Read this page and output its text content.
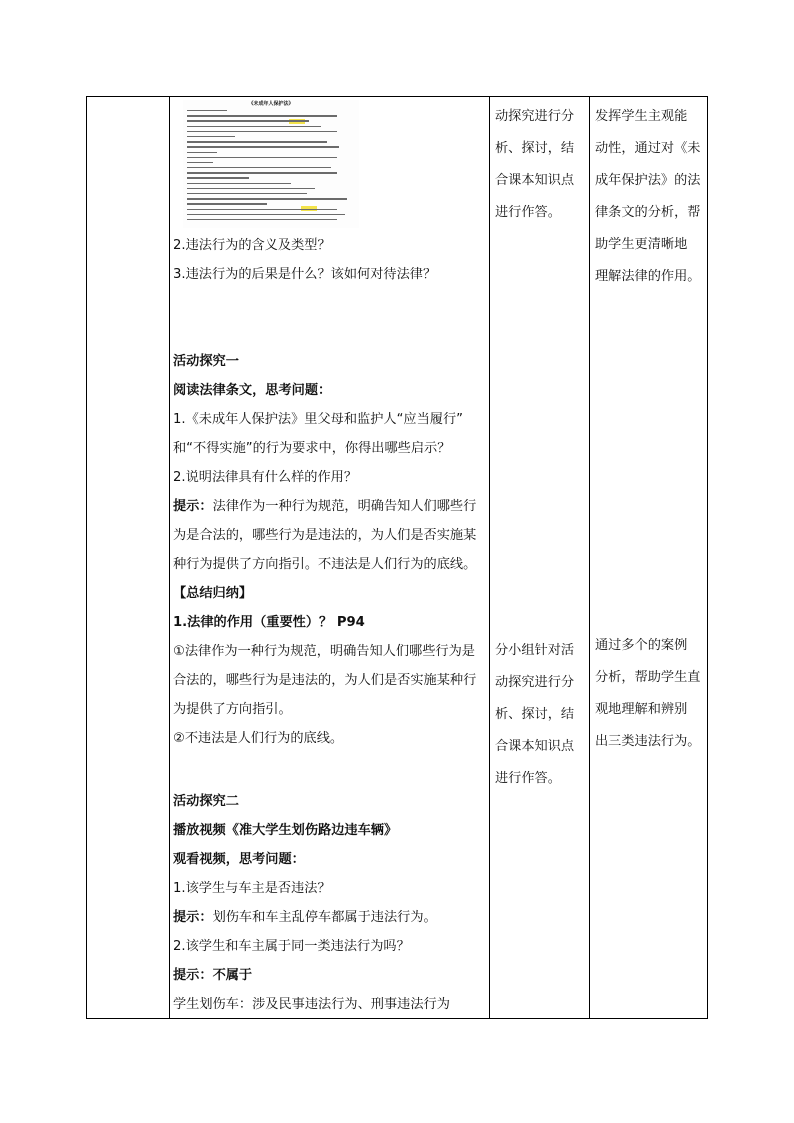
《未成年人保护法》
2.违法行为的含义及类型？
3.违法行为的后果是什么？该如何对待法律？
活动探究一
阅读法律条文，思考问题：
1.《未成年人保护法》里父母和监护人“应当履行”
和“不得实施”的行为要求中，你得出哪些启示？
2.说明法律具有什么样的作用？
提示：法律作为一种行为规范，明确告知人们哪些行
为是合法的，哪些行为是违法的，为人们是否实施某
种行为提供了方向指引。不违法是人们行为的底线。
【总结归纳】
1.法律的作用（重要性）？ P94
①法律作为一种行为规范，明确告知人们哪些行为是
合法的，哪些行为是违法的，为人们是否实施某种行
为提供了方向指引。
②不违法是人们行为的底线。
活动探究二
播放视频《准大学生划伤路边违车辆》
观看视频，思考问题：
1.该学生与车主是否违法？
提示：划伤车和车主乱停车都属于违法行为。
2.该学生和车主属于同一类违法行为吗？
提示：不属于
学生划伤车：涉及民事违法行为、刑事违法行为
动探究进行分
析、探讨，结
合课本知识点
进行作答。
分小组针对活
动探究进行分
析、探讨，结
合课本知识点
进行作答。
发挥学生主观能
动性，通过对《未
成年保护法》的法
律条文的分析，帮
助学生更清晰地
理解法律的作用。
通过多个的案例
分析，帮助学生直
观地理解和辨别
出三类违法行为。
